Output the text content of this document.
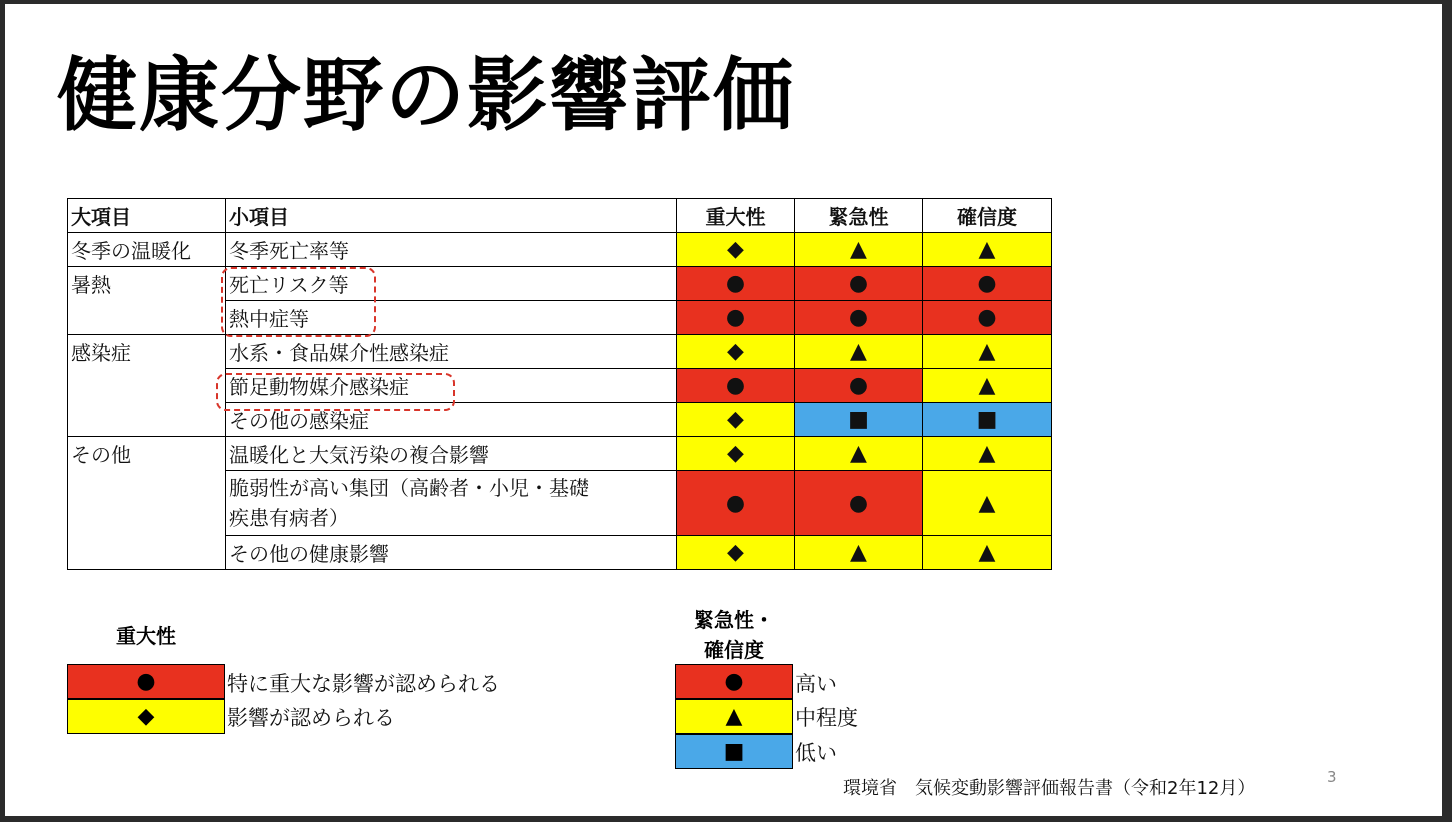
健康分野の影響評価
大項目	小項目	重大性	緊急性	確信度
冬季の温暖化	冬季死亡率等	◆	▲	▲
暑熱	死亡リスク等	●	●	●
	熱中症等	●	●	●
感染症	水系・食品媒介性感染症	◆	▲	▲
	節足動物媒介感染症	●	●	▲
	その他の感染症	◆	■	■
その他	温暖化と大気汚染の複合影響	◆	▲	▲

	脆弱性が高い集団（高齢者・小児・基礎
疾患有病者）	●	●	▲
	その他の健康影響	◆	▲	▲
重大性
●	特に重大な影響が認められる
◆	影響が認められる
緊急性・
確信度
●	高い
▲	中程度
■	低い
環境省　気候変動影響評価報告書（令和2年12月）
3
